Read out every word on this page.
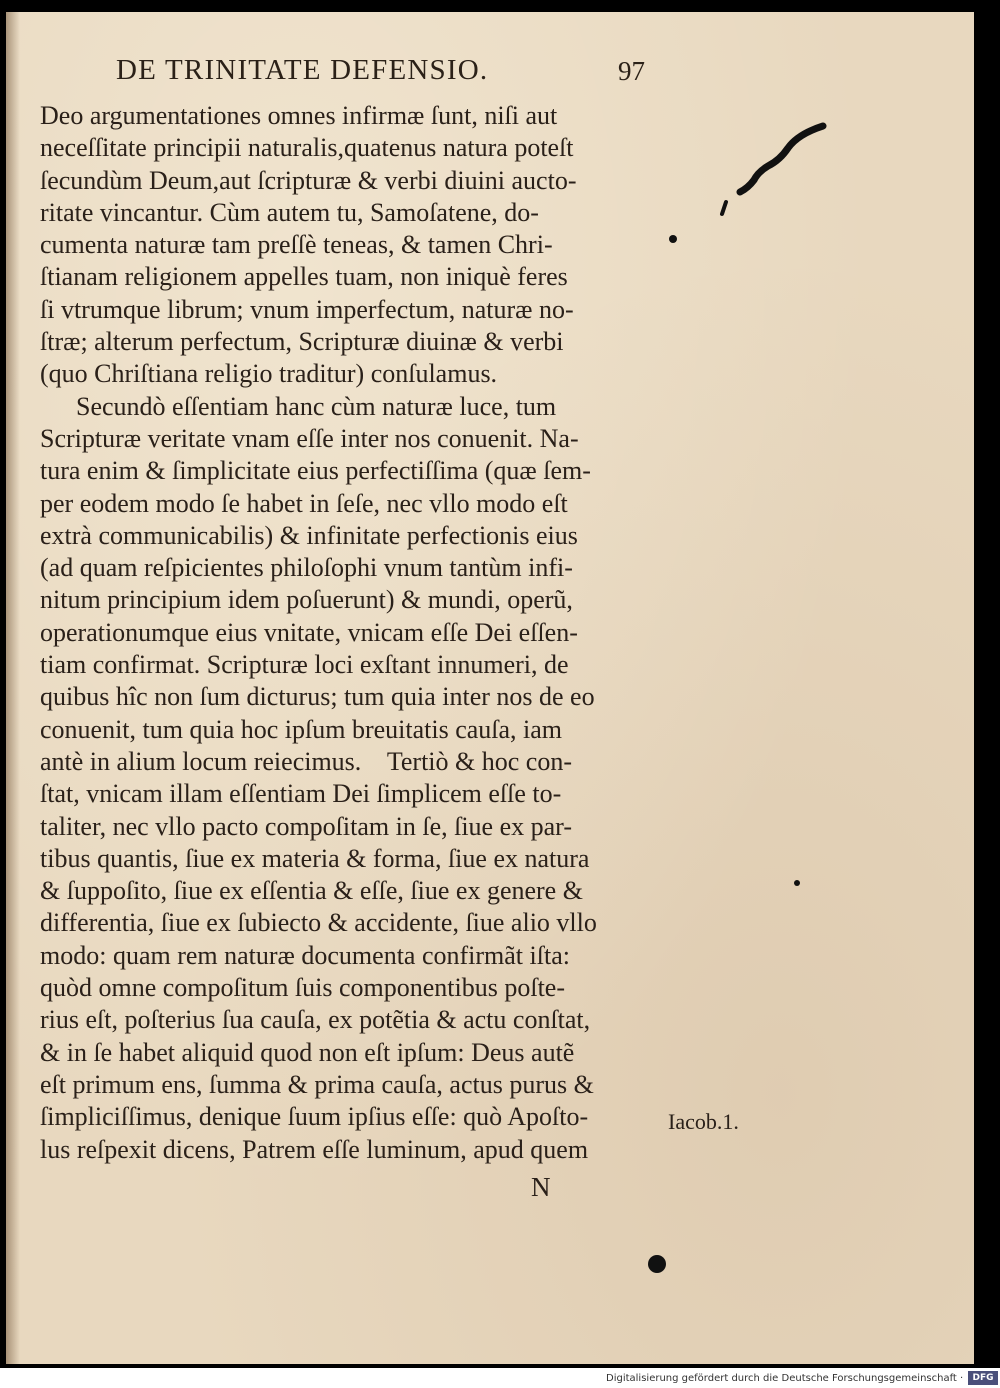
DE TRINITATE DEFENSIO.	97
Deo argumentationes omnes infirmæ ſunt, niſi aut
neceſſitate principii naturalis,quatenus natura poteſt
ſecundùm Deum,aut ſcripturæ & verbi diuini aucto-
ritate vincantur. Cùm autem tu, Samoſatene, do-
cumenta naturæ tam preſſè teneas, & tamen Chri-
ſtianam religionem appelles tuam, non iniquè feres
ſi vtrumque librum; vnum imperfectum, naturæ no-
ſtræ; alterum perfectum, Scripturæ diuinæ & verbi
(quo Chriſtiana religio traditur) conſulamus.
Secundò eſſentiam hanc cùm naturæ luce, tum
Scripturæ veritate vnam eſſe inter nos conuenit. Na-
tura enim & ſimplicitate eius perfectiſſima (quæ ſem-
per eodem modo ſe habet in ſeſe, nec vllo modo eſt
extrà communicabilis) & infinitate perfectionis eius
(ad quam reſpicientes philoſophi vnum tantùm infi-
nitum principium idem poſuerunt) & mundi, operũ,
operationumque eius vnitate, vnicam eſſe Dei eſſen-
tiam confirmat. Scripturæ loci exſtant innumeri, de
quibus hîc non ſum dicturus; tum quia inter nos de eo
conuenit, tum quia hoc ipſum breuitatis cauſa, iam
antè in alium locum reiecimus.    Tertiò & hoc con-
ſtat, vnicam illam eſſentiam Dei ſimplicem eſſe to-
taliter, nec vllo pacto compoſitam in ſe, ſiue ex par-
tibus quantis, ſiue ex materia & forma, ſiue ex natura
& ſuppoſito, ſiue ex eſſentia & eſſe, ſiue ex genere &
differentia, ſiue ex ſubiecto & accidente, ſiue alio vllo
modo: quam rem naturæ documenta confirmãt iſta:
quòd omne compoſitum ſuis componentibus poſte-
rius eſt, poſterius ſua cauſa, ex potẽtia & actu conſtat,
& in ſe habet aliquid quod non eſt ipſum: Deus autẽ
eſt primum ens, ſumma & prima cauſa, actus purus &
ſimpliciſſimus, denique ſuum ipſius eſſe: quò Apoſto-
lus reſpexit dicens, Patrem eſſe luminum, apud quem
Iacob.1.
N
Digitalisierung gefördert durch die Deutsche Forschungsgemeinschaft ·	DFG
